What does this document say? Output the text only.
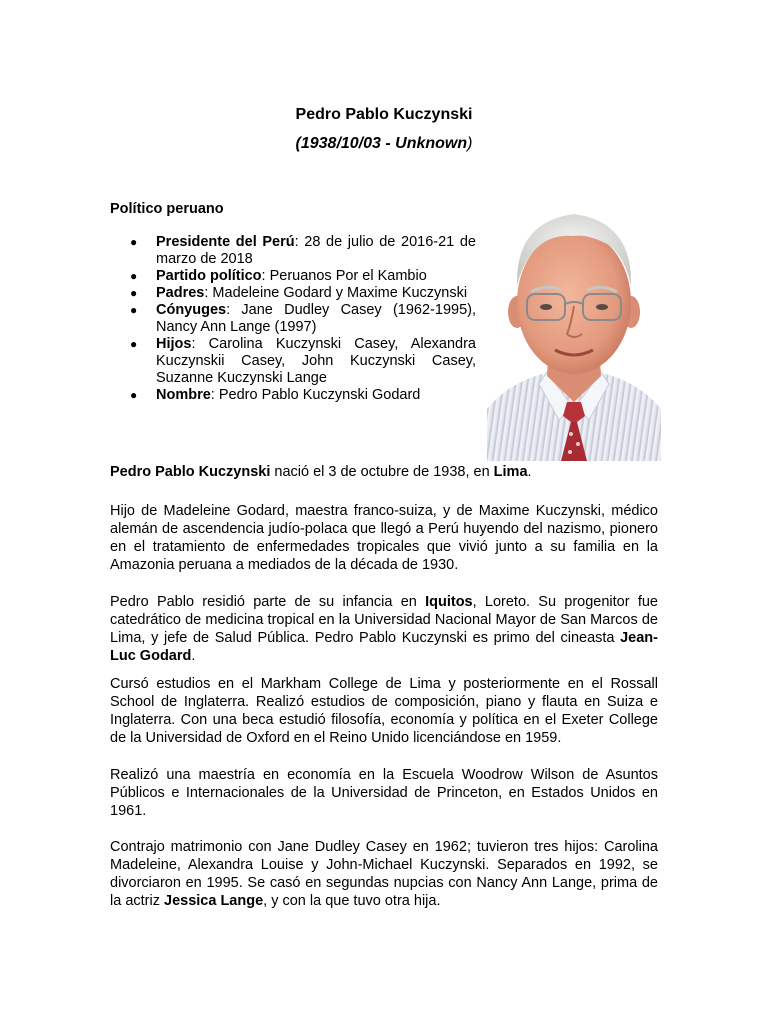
Pedro Pablo Kuczynski
(1938/10/03 - Unknown)
Político peruano
● Presidente del Perú: 28 de julio de 2016-21 de marzo de 2018
● Partido político: Peruanos Por el Kambio
● Padres: Madeleine Godard y Maxime Kuczynski
● Cónyuges: Jane Dudley Casey (1962-1995), Nancy Ann Lange (1997)
● Hijos: Carolina Kuczynski Casey, Alexandra Kuczynskii Casey, John Kuczynski Casey, Suzanne Kuczynski Lange
● Nombre: Pedro Pablo Kuczynski Godard

Pedro Pablo Kuczynski nació el 3 de octubre de 1938, en Lima.

Hijo de Madeleine Godard, maestra franco-suiza, y de Maxime Kuczynski, médico alemán de ascendencia judío-polaca que llegó a Perú huyendo del nazismo, pionero en el tratamiento de enfermedades tropicales que vivió junto a su familia en la Amazonia peruana a mediados de la década de 1930.

Pedro Pablo residió parte de su infancia en Iquitos, Loreto. Su progenitor fue catedrático de medicina tropical en la Universidad Nacional Mayor de San Marcos de Lima, y jefe de Salud Pública. Pedro Pablo Kuczynski es primo del cineasta Jean-Luc Godard.

Cursó estudios en el Markham College de Lima y posteriormente en el Rossall School de Inglaterra. Realizó estudios de composición, piano y flauta en Suiza e Inglaterra. Con una beca estudió filosofía, economía y política en el Exeter College de la Universidad de Oxford en el Reino Unido licenciándose en 1959.

Realizó una maestría en economía en la Escuela Woodrow Wilson de Asuntos Públicos e Internacionales de la Universidad de Princeton, en Estados Unidos en 1961.

Contrajo matrimonio con Jane Dudley Casey en 1962; tuvieron tres hijos: Carolina Madeleine, Alexandra Louise y John-Michael Kuczynski. Separados en 1992, se divorciaron en 1995. Se casó en segundas nupcias con Nancy Ann Lange, prima de la actriz Jessica Lange, y con la que tuvo otra hija.
